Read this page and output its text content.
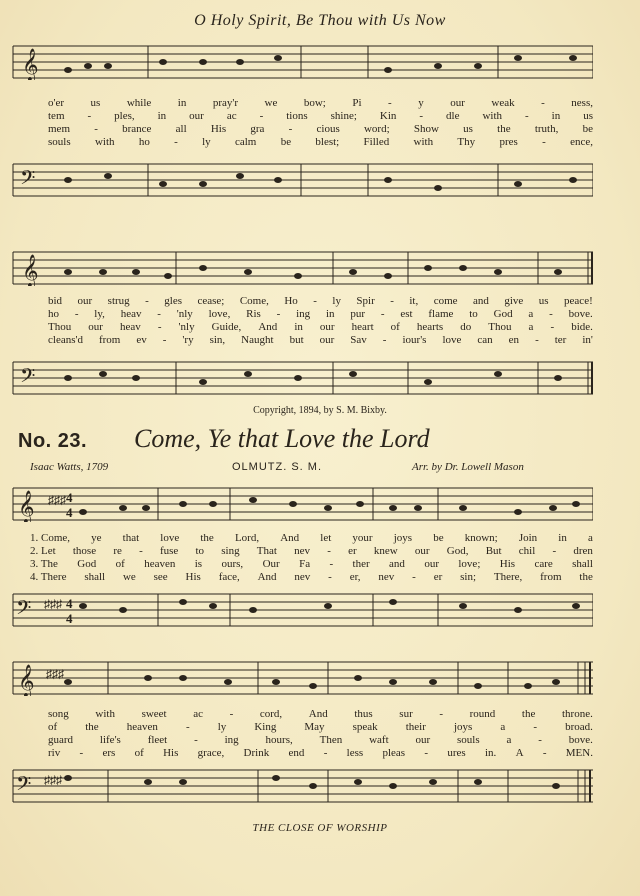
O Holy Spirit, Be Thou with Us Now
𝄞
o'er us while in pray'r we bow; Pi - y our weak - ness,
tem - ples, in our ac - tions shine; Kin - dle with - in us
mem - brance all His gra - cious word; Show us the truth, be
souls with ho - ly calm be blest; Filled with Thy pres - ence,
𝄢
𝄞
bid our strug - gles cease; Come, Ho - ly Spir - it, come and give us peace!
ho - ly, heav - 'nly love, Ris - ing in pur - est flame to God a - bove.
Thou our heav - 'nly Guide, And in our heart of hearts do Thou a - bide.
cleans'd from ev - 'ry sin, Naught but our Sav - iour's love can en - ter in'
𝄢
Copyright, 1894, by S. M. Bixby.
No. 23. Come, Ye that Love the Lord
Isaac Watts, 1709	OLMUTZ. S. M.	Arr. by Dr. Lowell Mason
𝄞 ♯♯♯ 4
4
1. Come, ye that love the Lord, And let your joys be known; Join in a
2. Let those re - fuse to sing That nev - er knew our God, But chil - dren
3. The God of heaven is ours, Our Fa - ther and our love; His care shall
4. There shall we see His face, And nev - er, nev - er sin; There, from the
𝄢 ♯♯♯ 4
4
𝄞 ♯♯♯
song with sweet ac - cord, And thus sur - round the throne.
of	the	heaven	-	ly	King	May	speak	their	joys	a	-	broad.
guard life's fleet - ing hours, Then waft our souls a - bove.
riv - ers of His grace, Drink end - less pleas - ures in. A - MEN.
𝄢 ♯♯♯
THE CLOSE OF WORSHIP
